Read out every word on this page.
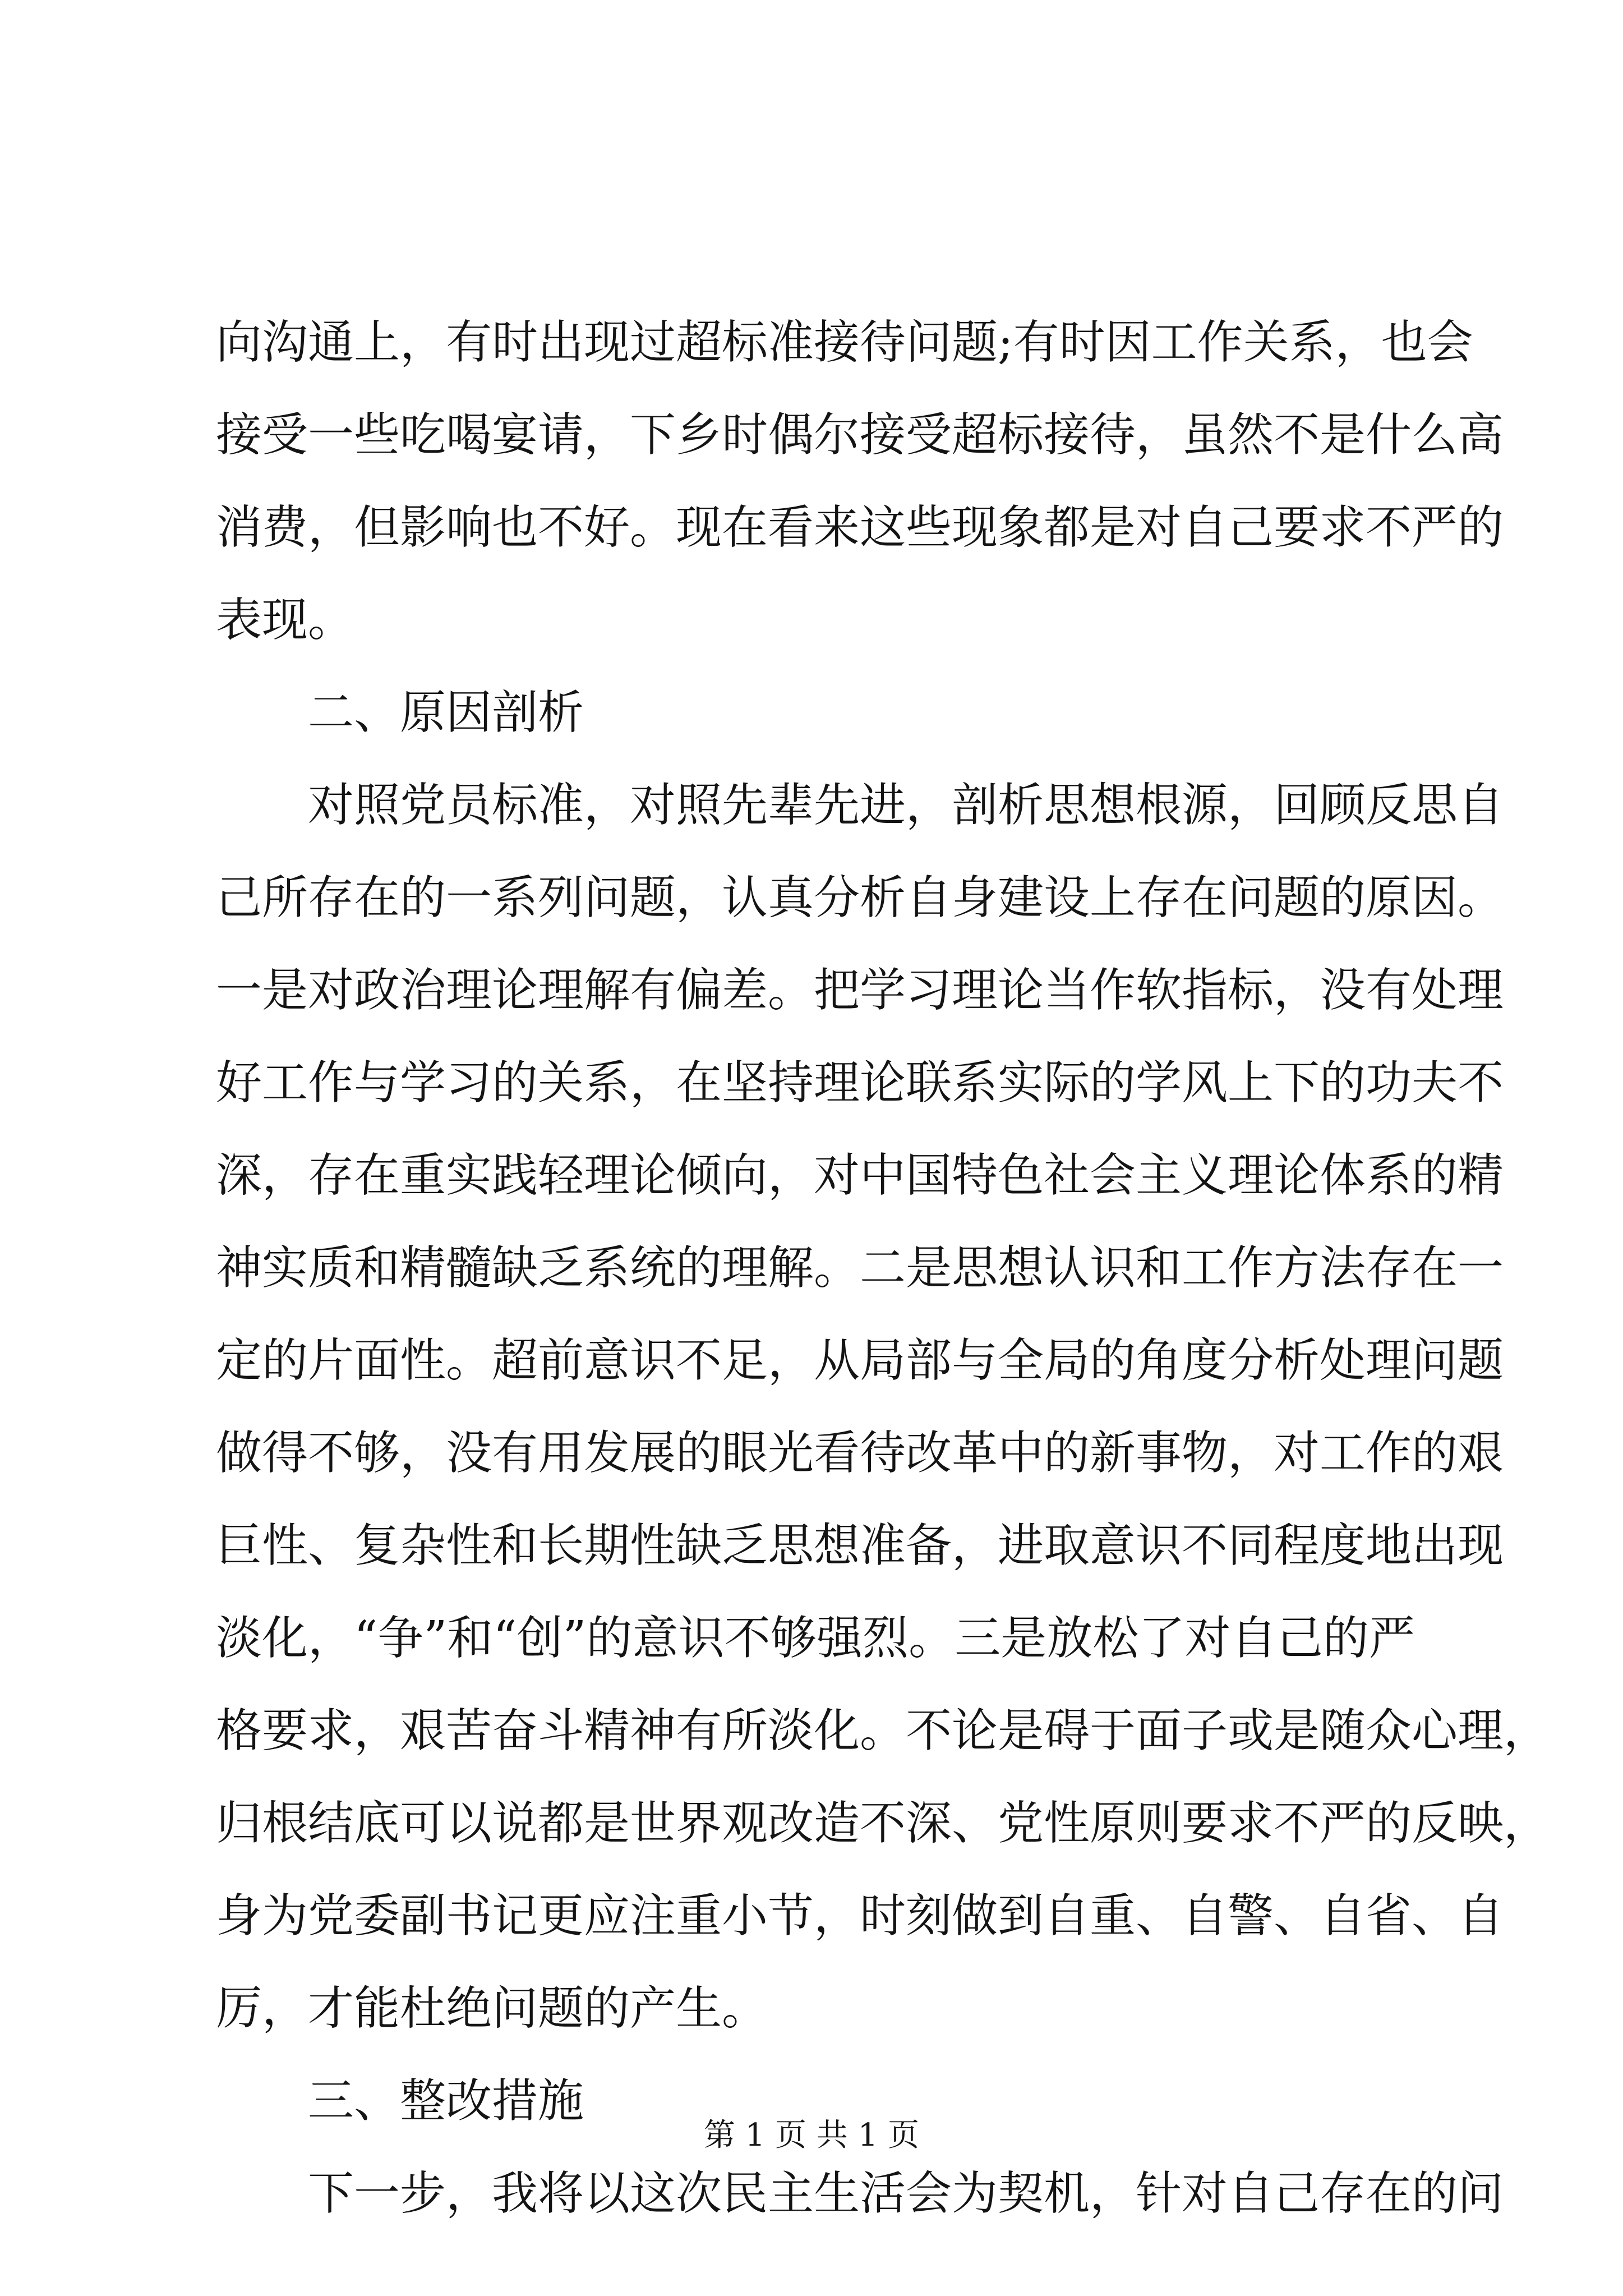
向沟通上，有时出现过超标准接待问题;有时因工作关系，也会
接受一些吃喝宴请，下乡时偶尔接受超标接待，虽然不是什么高
消费，但影响也不好。现在看来这些现象都是对自己要求不严的
表现。
二、原因剖析
对照党员标准，对照先辈先进，剖析思想根源，回顾反思自
己所存在的一系列问题，认真分析自身建设上存在问题的原因。
一是对政治理论理解有偏差。把学习理论当作软指标，没有处理
好工作与学习的关系，在坚持理论联系实际的学风上下的功夫不
深，存在重实践轻理论倾向，对中国特色社会主义理论体系的精
神实质和精髓缺乏系统的理解。二是思想认识和工作方法存在一
定的片面性。超前意识不足，从局部与全局的角度分析处理问题
做得不够，没有用发展的眼光看待改革中的新事物，对工作的艰
巨性、复杂性和长期性缺乏思想准备，进取意识不同程度地出现
淡化，“争”和“创”的意识不够强烈。三是放松了对自己的严
格要求，艰苦奋斗精神有所淡化。不论是碍于面子或是随众心理，
归根结底可以说都是世界观改造不深、党性原则要求不严的反映，
身为党委副书记更应注重小节，时刻做到自重、自警、自省、自
厉，才能杜绝问题的产生。
三、整改措施
下一步，我将以这次民主生活会为契机，针对自己存在的问
第 1 页 共 1 页
